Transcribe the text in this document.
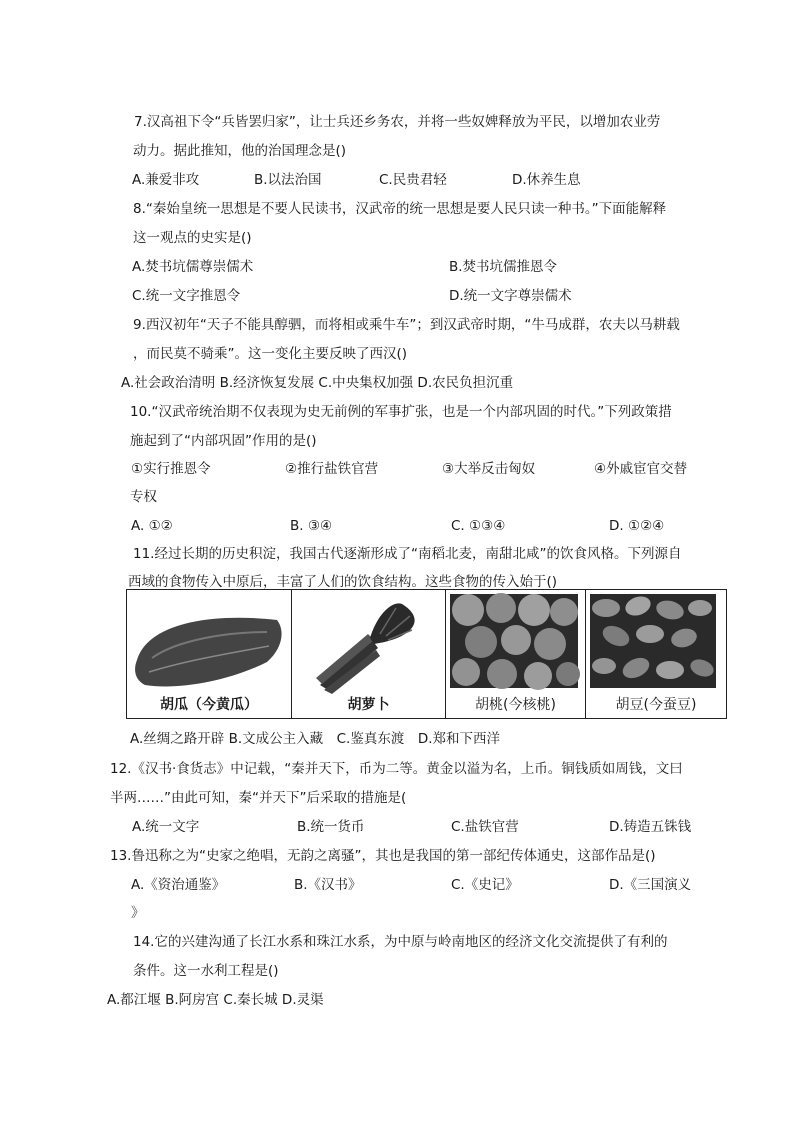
7.汉高祖下令“兵皆罢归家”，让士兵还乡务农，并将一些奴婢释放为平民，以增加农业劳
动力。据此推知，他的治国理念是()
A.兼爱非攻	B.以法治国	C.民贵君轻	D.休养生息
8.“秦始皇统一思想是不要人民读书，汉武帝的统一思想是要人民只读一种书。”下面能解释
这一观点的史实是()
A.焚书坑儒尊崇儒术	B.焚书坑儒推恩令
C.统一文字推恩令	D.统一文字尊崇儒术
9.西汉初年“天子不能具醇驷，而将相或乘牛车”；到汉武帝时期，“牛马成群，农夫以马耕载
，而民莫不骑乘”。这一变化主要反映了西汉()
A.社会政治清明 B.经济恢复发展 C.中央集权加强 D.农民负担沉重
10.“汉武帝统治期不仅表现为史无前例的军事扩张，也是一个内部巩固的时代。”下列政策措
施起到了“内部巩固”作用的是()
①实行推恩令	②推行盐铁官营	③大举反击匈奴	④外戚宦官交替
专权
A. ①②	B. ③④	C. ①③④	D. ①②④
11.经过长期的历史积淀，我国古代逐渐形成了“南稻北麦，南甜北咸”的饮食风格。下列源自
西域的食物传入中原后，丰富了人们的饮食结构。这些食物的传入始于()
胡瓜（今黄瓜）	胡萝卜	胡桃(今核桃)	胡豆(今蚕豆)
A.丝绸之路开辟 B.文成公主入藏　C.鉴真东渡　D.郑和下西洋
12.《汉书·食货志》中记载，“秦并天下，币为二等。黄金以溢为名，上币。铜钱质如周钱，文曰
半两……”由此可知，秦“并天下”后采取的措施是(
A.统一文字	B.统一货币	C.盐铁官营	D.铸造五铢钱
13.鲁迅称之为“史家之绝唱，无韵之离骚”，其也是我国的第一部纪传体通史，这部作品是()
A.《资治通鉴》	B.《汉书》	C.《史记》	D.《三国演义
》
14.它的兴建沟通了长江水系和珠江水系，为中原与岭南地区的经济文化交流提供了有利的
条件。这一水利工程是()
A.都江堰 B.阿房宫 C.秦长城 D.灵渠
